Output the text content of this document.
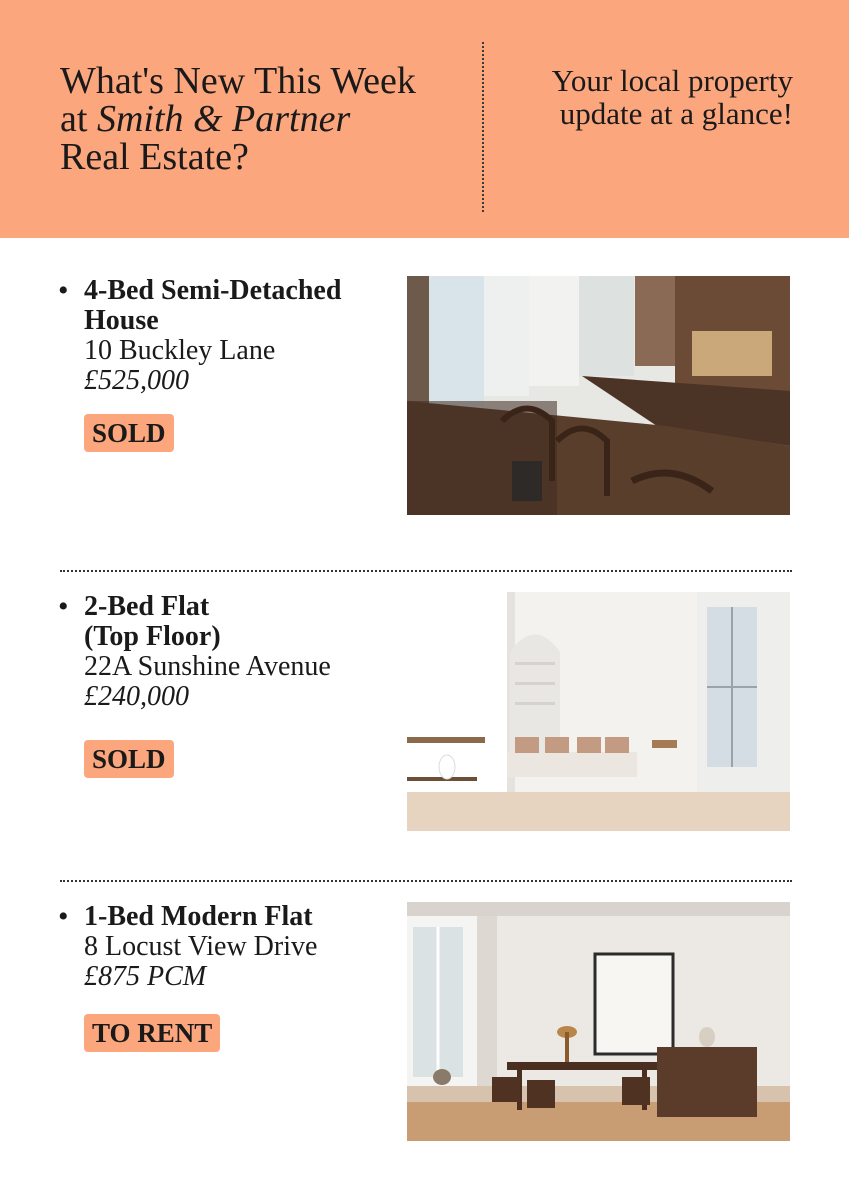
What's New This Week
at Smith & Partner
Real Estate?
Your local property
update at a glance!
• 4-Bed Semi-Detached House
10 Buckley Lane
£525,000
SOLD
• 2-Bed Flat
(Top Floor)
22A Sunshine Avenue
£240,000
SOLD
• 1-Bed Modern Flat
8 Locust View Drive
£875 PCM
TO RENT
